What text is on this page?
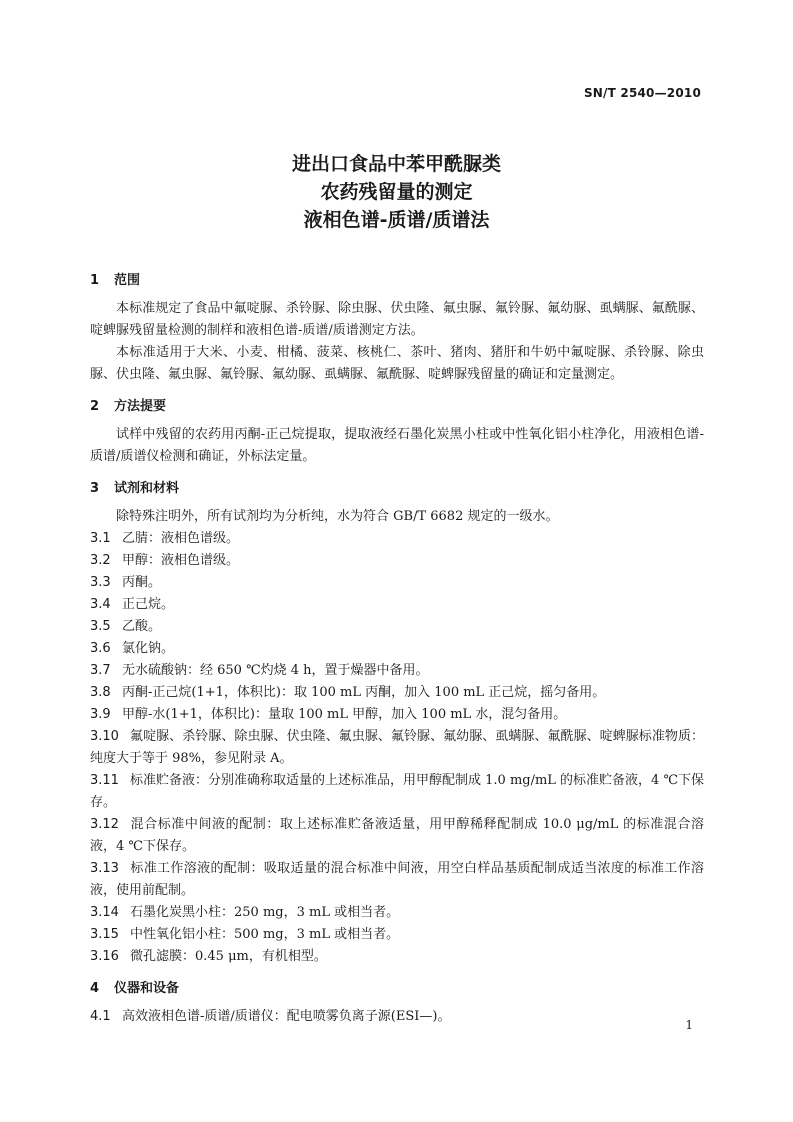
SN/T 2540—2010
进出口食品中苯甲酰脲类
农药残留量的测定
液相色谱-质谱/质谱法
1 范围

本标准规定了食品中氟啶脲、杀铃脲、除虫脲、伏虫隆、氟虫脲、氟铃脲、氟幼脲、虱螨脲、氟酰脲、啶蜱脲残留量检测的制样和液相色谱-质谱/质谱测定方法。

本标准适用于大米、小麦、柑橘、菠菜、核桃仁、茶叶、猪肉、猪肝和牛奶中氟啶脲、杀铃脲、除虫脲、伏虫隆、氟虫脲、氟铃脲、氟幼脲、虱螨脲、氟酰脲、啶蜱脲残留量的确证和定量测定。

2 方法提要

试样中残留的农药用丙酮-正己烷提取，提取液经石墨化炭黑小柱或中性氧化铝小柱净化，用液相色谱-质谱/质谱仪检测和确证，外标法定量。

3 试剂和材料

除特殊注明外，所有试剂均为分析纯，水为符合 GB/T 6682 规定的一级水。

3.1 乙腈：液相色谱级。

3.2 甲醇：液相色谱级。

3.3 丙酮。

3.4 正己烷。

3.5 乙酸。

3.6 氯化钠。

3.7 无水硫酸钠：经 650 ℃灼烧 4 h，置于燥器中备用。

3.8 丙酮-正己烷(1+1，体积比)：取 100 mL 丙酮，加入 100 mL 正己烷，摇匀备用。

3.9 甲醇-水(1+1，体积比)：量取 100 mL 甲醇，加入 100 mL 水，混匀备用。

3.10 氟啶脲、杀铃脲、除虫脲、伏虫隆、氟虫脲、氟铃脲、氟幼脲、虱螨脲、氟酰脲、啶蜱脲标准物质：纯度大于等于 98%，参见附录 A。

3.11 标准贮备液：分别准确称取适量的上述标准品，用甲醇配制成 1.0 mg/mL 的标准贮备液，4 ℃下保存。

3.12 混合标准中间液的配制：取上述标准贮备液适量，用甲醇稀释配制成 10.0 μg/mL 的标准混合溶液，4 ℃下保存。

3.13 标准工作溶液的配制：吸取适量的混合标准中间液，用空白样品基质配制成适当浓度的标准工作溶液，使用前配制。

3.14 石墨化炭黑小柱：250 mg，3 mL 或相当者。

3.15 中性氧化铝小柱：500 mg，3 mL 或相当者。

3.16 微孔滤膜：0.45 μm，有机相型。

4 仪器和设备

4.1 高效液相色谱-质谱/质谱仪：配电喷雾负离子源(ESI—)。

1
